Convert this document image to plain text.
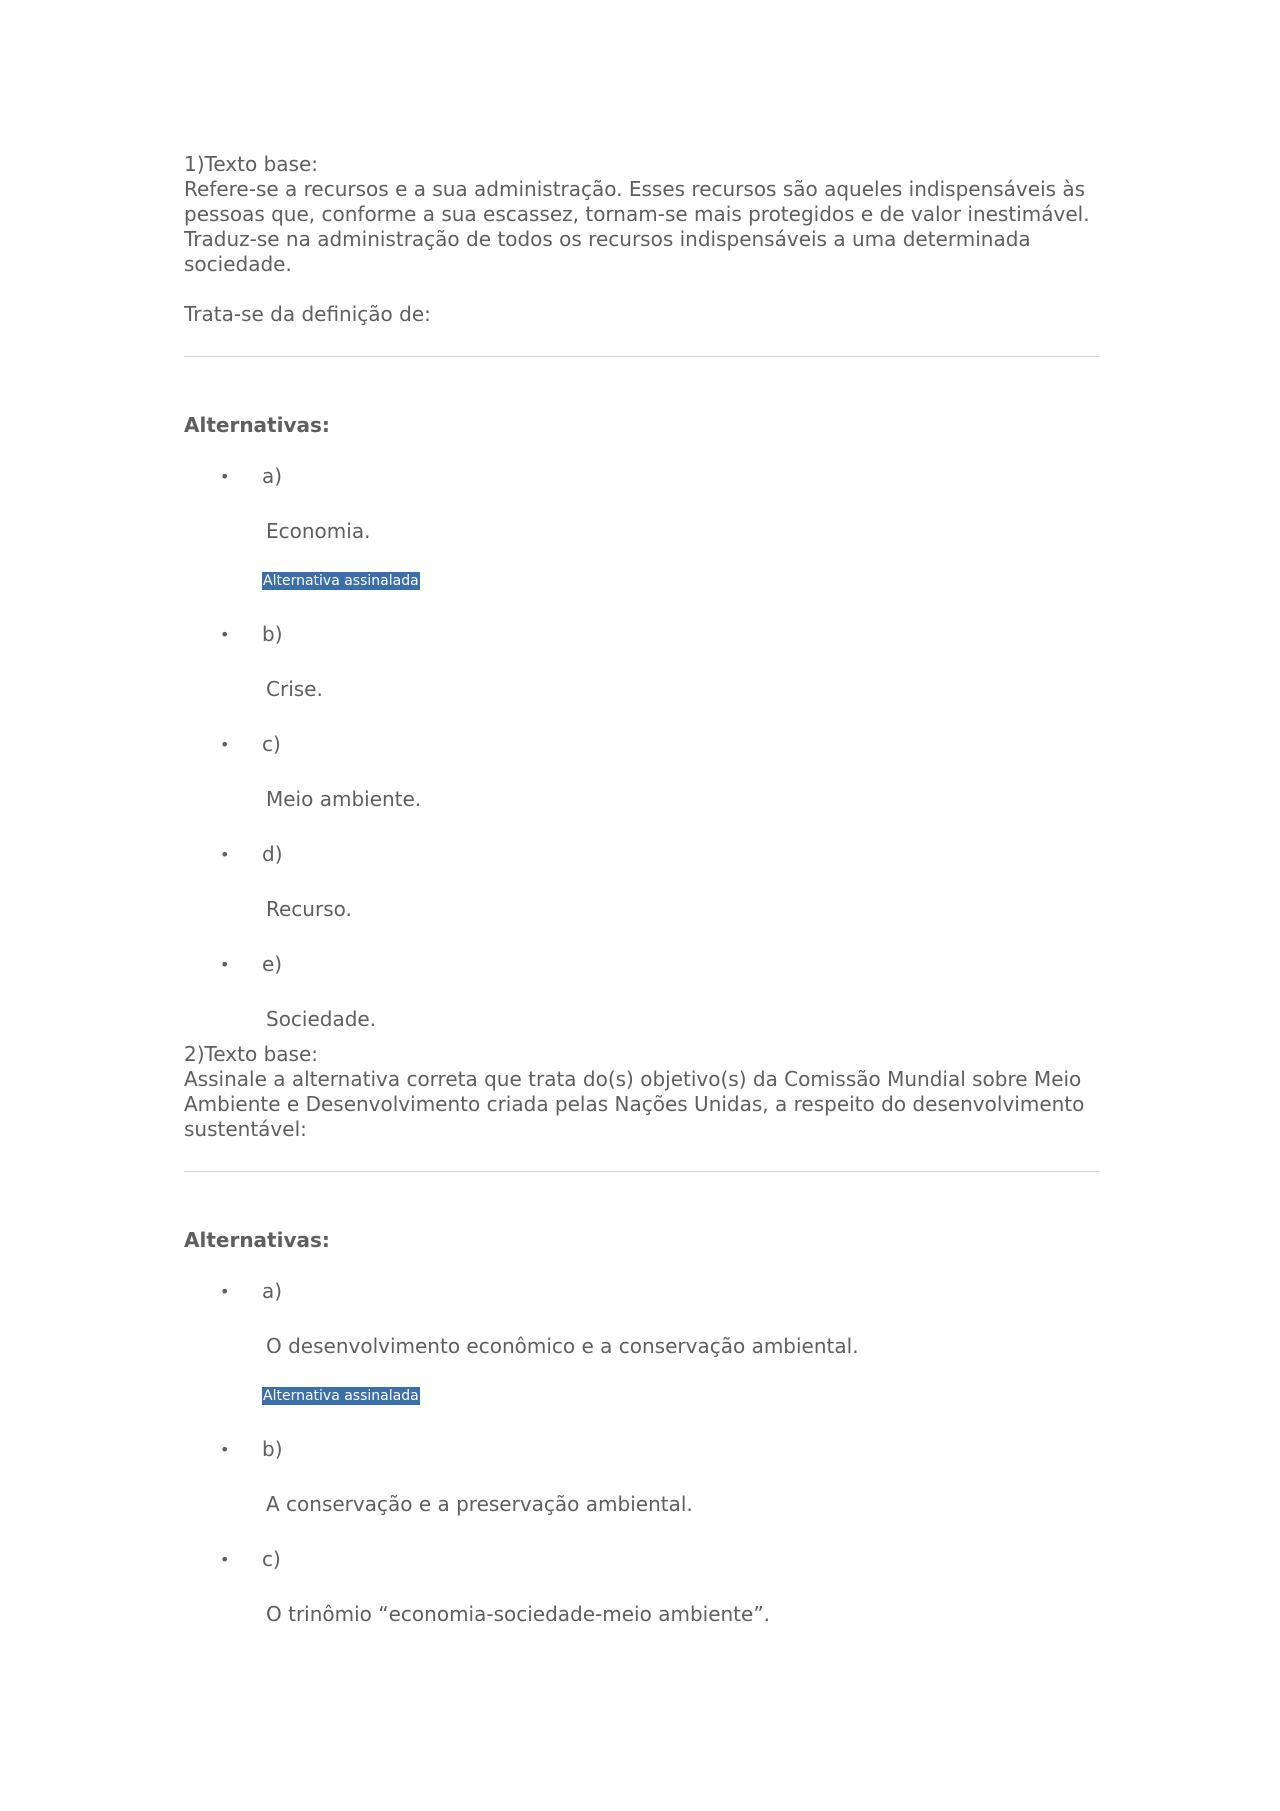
1)Texto base:

Refere-se a recursos e a sua administração. Esses recursos são aqueles indispensáveis às pessoas que, conforme a sua escassez, tornam-se mais protegidos e de valor inestimável. Traduz-se na administração de todos os recursos indispensáveis a uma determinada sociedade.

Trata-se da definição de:

Alternativas:

• a)
Economia.
Alternativa assinalada
• b)
Crise.
• c)
Meio ambiente.
• d)
Recurso.
• e)
Sociedade.

2)Texto base:

Assinale a alternativa correta que trata do(s) objetivo(s) da Comissão Mundial sobre Meio Ambiente e Desenvolvimento criada pelas Nações Unidas, a respeito do desenvolvimento sustentável:

Alternativas:

• a)
O desenvolvimento econômico e a conservação ambiental.
Alternativa assinalada
• b)
A conservação e a preservação ambiental.
• c)
O trinômio “economia-sociedade-meio ambiente”.
